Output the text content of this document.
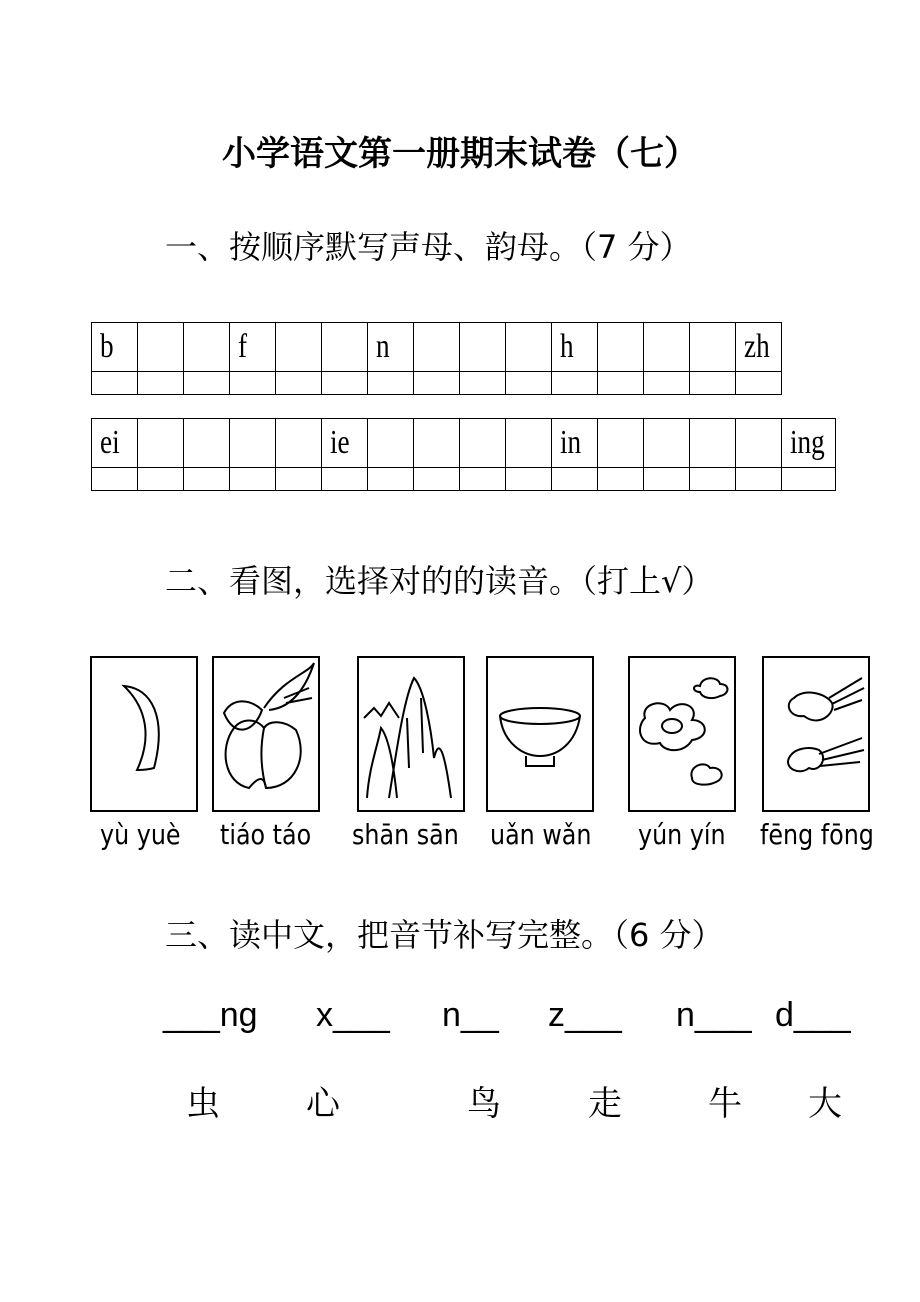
小学语文第一册期末试卷（七）
一、按顺序默写声母、韵母。（7 分）
b			f			n				h				zh

ei					ie					in					ing

二、看图，选择对的的读音。（打上√）
yù yuè tiáo táo shān sān uǎn wǎn yún yín fēng fōng
三、读中文，把音节补写完整。（6 分）
___ng x___ n__ z___ n___ d___
虫	心	鸟	走	牛 大
